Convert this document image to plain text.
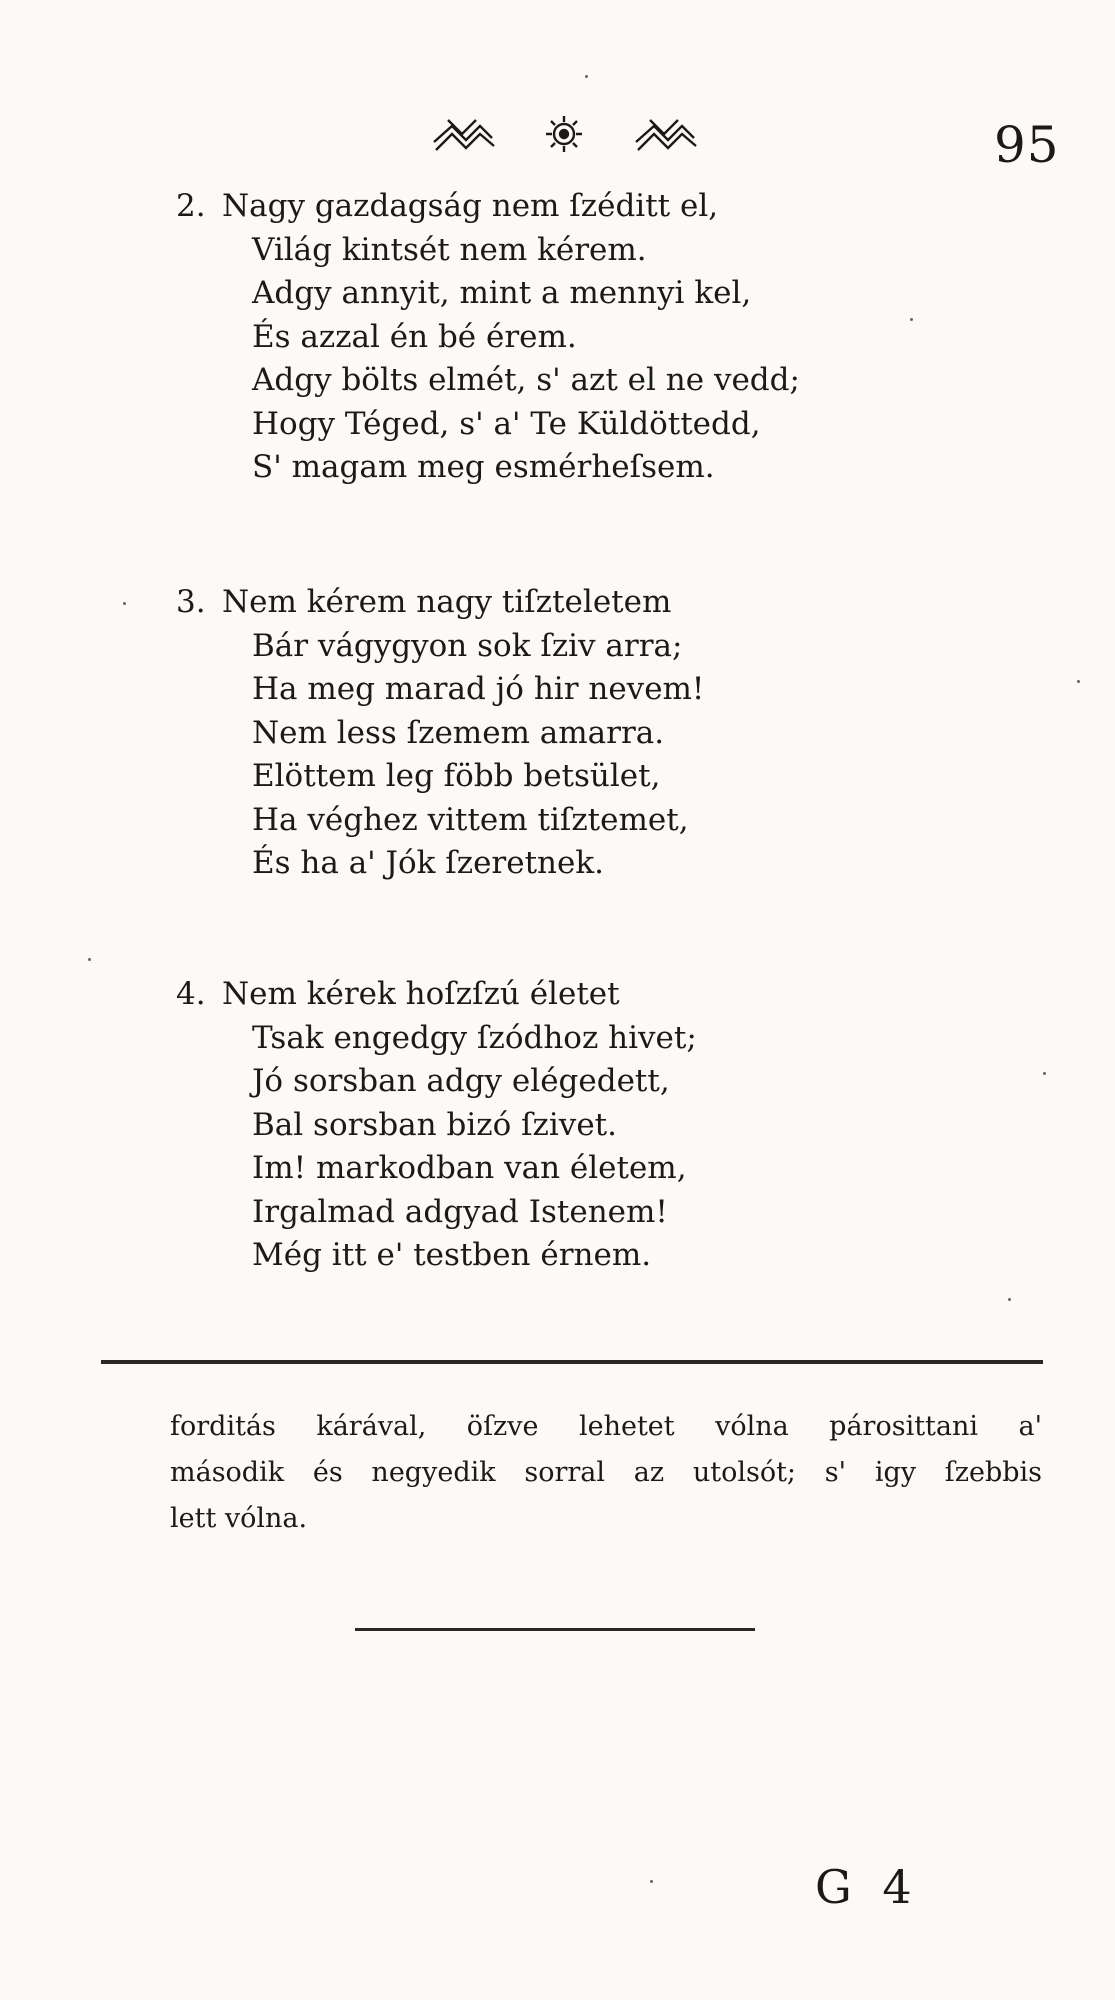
95
2. Nagy gazdagság nem ſzéditt el,
Világ kintsét nem kérem.
Adgy annyit, mint a mennyi kel,
És azzal én bé érem.
Adgy bölts elmét, s' azt el ne vedd;
Hogy Téged, s' a' Te Küldöttedd,
S' magam meg esmérheſsem.
3. Nem kérem nagy tiſzteletem
Bár vágygyon sok ſziv arra;
Ha meg marad jó hir nevem!
Nem less ſzemem amarra.
Elöttem leg föbb betsület,
Ha véghez vittem tiſztemet,
És ha a' Jók ſzeretnek.
4. Nem kérek hoſzſzú életet
Tsak engedgy ſzódhoz hivet;
Jó sorsban adgy elégedett,
Bal sorsban bizó ſzivet.
Im! markodban van életem,
Irgalmad adgyad Istenem!
Még itt e' testben érnem.
forditás kárával, öſzve lehetet vólna párosittani a'
második és negyedik sorral az utolsót; s' igy ſzebbis
lett vólna.
G 4
